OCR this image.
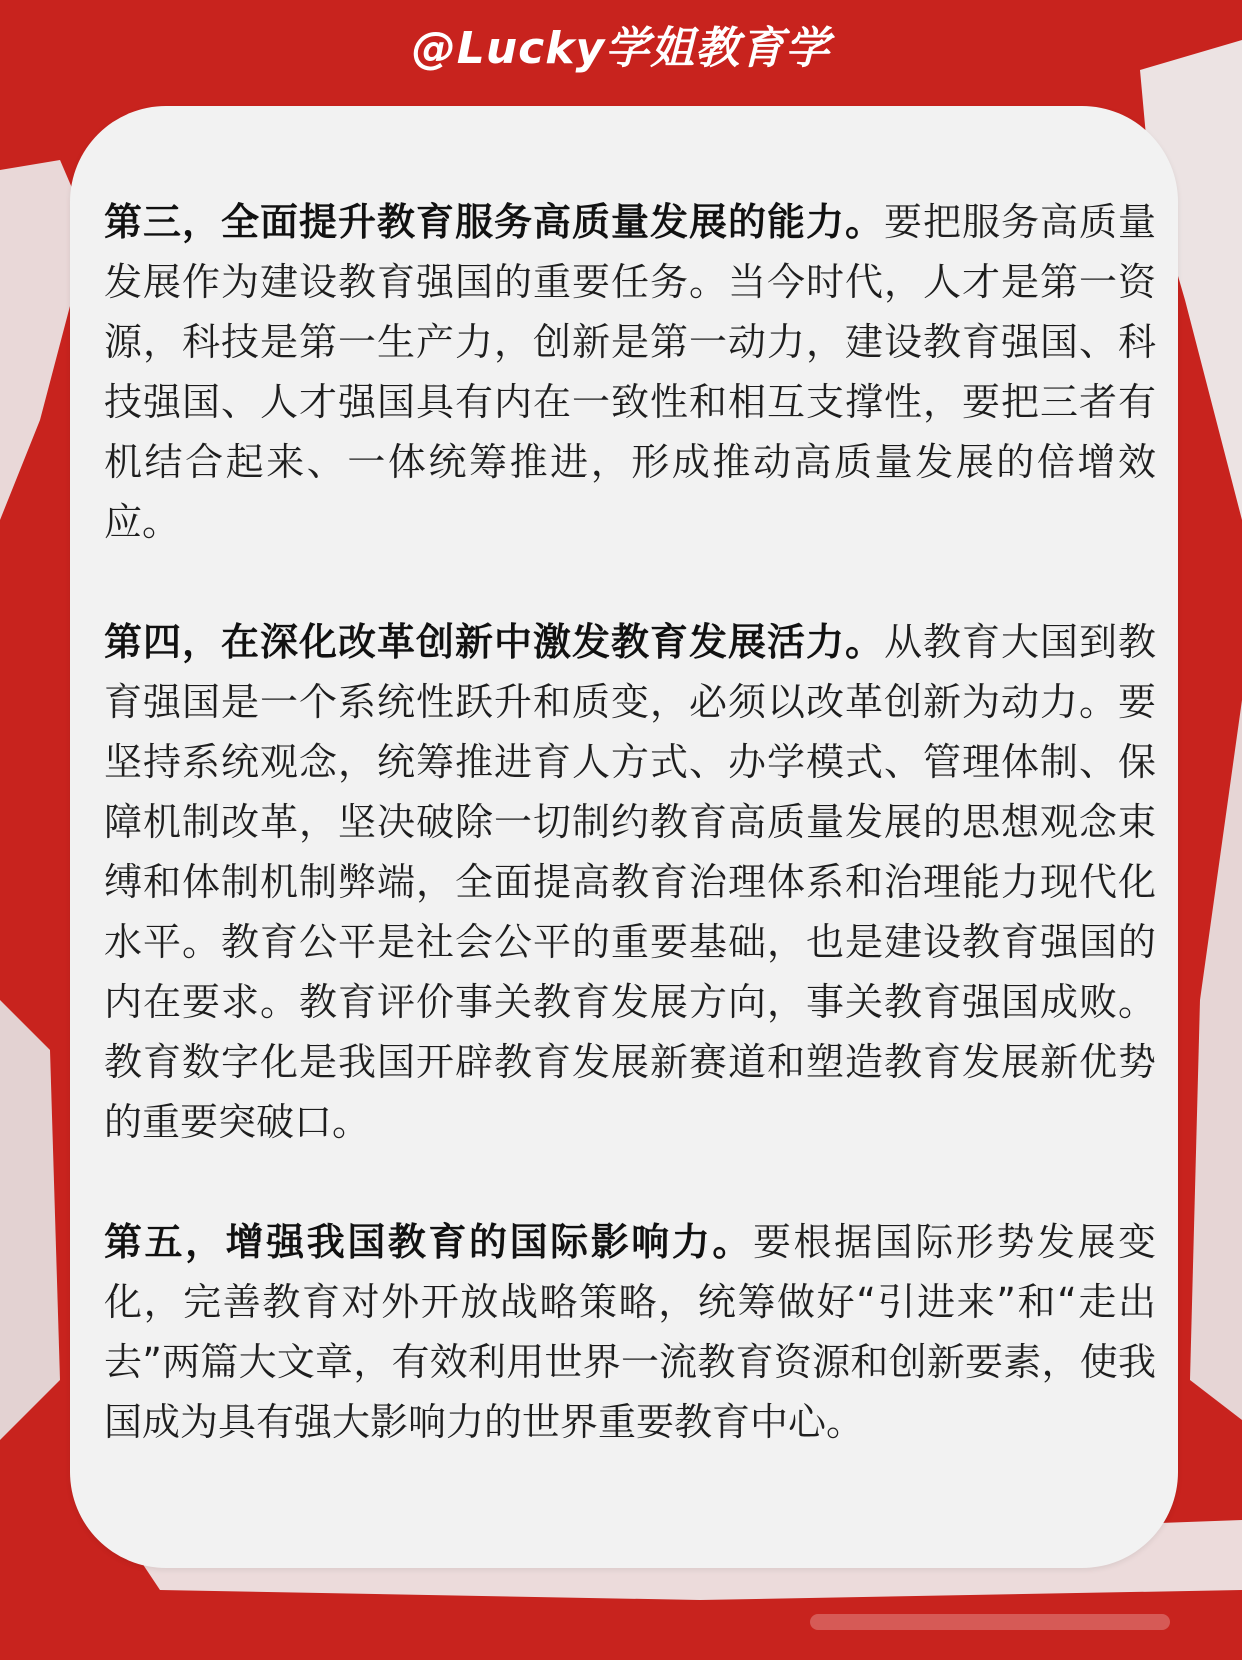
@Lucky学姐教育学

第三，全面提升教育服务高质量发展的能力。要把服务高质量发展作为建设教育强国的重要任务。当今时代，人才是第一资源，科技是第一生产力，创新是第一动力，建设教育强国、科技强国、人才强国具有内在一致性和相互支撑性，要把三者有机结合起来、一体统筹推进，形成推动高质量发展的倍增效应。

第四，在深化改革创新中激发教育发展活力。从教育大国到教育强国是一个系统性跃升和质变，必须以改革创新为动力。要坚持系统观念，统筹推进育人方式、办学模式、管理体制、保障机制改革，坚决破除一切制约教育高质量发展的思想观念束缚和体制机制弊端，全面提高教育治理体系和治理能力现代化水平。教育公平是社会公平的重要基础，也是建设教育强国的内在要求。教育评价事关教育发展方向，事关教育强国成败。教育数字化是我国开辟教育发展新赛道和塑造教育发展新优势的重要突破口。

第五，增强我国教育的国际影响力。要根据国际形势发展变化，完善教育对外开放战略策略，统筹做好“引进来”和“走出去”两篇大文章，有效利用世界一流教育资源和创新要素，使我国成为具有强大影响力的世界重要教育中心。
